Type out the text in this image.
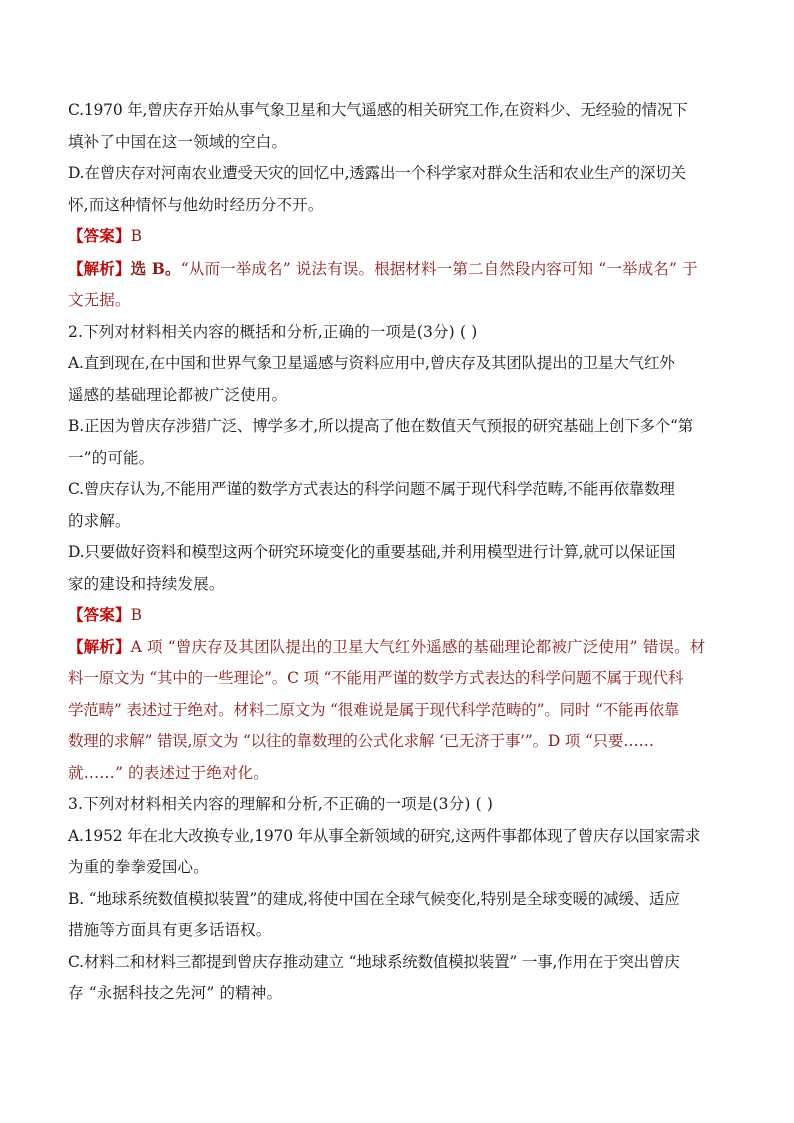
C.1970 年,曾庆存开始从事气象卫星和大气遥感的相关研究工作,在资料少、无经验的情况下
填补了中国在这一领域的空白。
D.在曾庆存对河南农业遭受天灾的回忆中,透露出一个科学家对群众生活和农业生产的深切关
怀,而这种情怀与他幼时经历分不开。
【答案】B
【解析】选 B。“从而一举成名” 说法有误。根据材料一第二自然段内容可知 “一举成名” 于
文无据。
2.下列对材料相关内容的概括和分析,正确的一项是(3分) ( )
A.直到现在,在中国和世界气象卫星遥感与资料应用中,曾庆存及其团队提出的卫星大气红外
遥感的基础理论都被广泛使用。
B.正因为曾庆存涉猎广泛、博学多才,所以提高了他在数值天气预报的研究基础上创下多个“第
一”的可能。
C.曾庆存认为,不能用严谨的数学方式表达的科学问题不属于现代科学范畴,不能再依靠数理
的求解。
D.只要做好资料和模型这两个研究环境变化的重要基础,并利用模型进行计算,就可以保证国
家的建设和持续发展。
【答案】B
【解析】A 项 “曾庆存及其团队提出的卫星大气红外遥感的基础理论都被广泛使用” 错误。材
料一原文为 “其中的一些理论”。C 项 “不能用严谨的数学方式表达的科学问题不属于现代科
学范畴” 表述过于绝对。材料二原文为 “很难说是属于现代科学范畴的”。同时 “不能再依靠
数理的求解” 错误,原文为 “以往的靠数理的公式化求解 ‘已无济于事’”。D 项 “只要……
就……” 的表述过于绝对化。
3.下列对材料相关内容的理解和分析,不正确的一项是(3分) ( )
A.1952 年在北大改换专业,1970 年从事全新领域的研究,这两件事都体现了曾庆存以国家需求
为重的拳拳爱国心。
B. “地球系统数值模拟装置”的建成,将使中国在全球气候变化,特别是全球变暖的减缓、适应
措施等方面具有更多话语权。
C.材料二和材料三都提到曾庆存推动建立 “地球系统数值模拟装置” 一事,作用在于突出曾庆
存 “永据科技之先河” 的精神。
